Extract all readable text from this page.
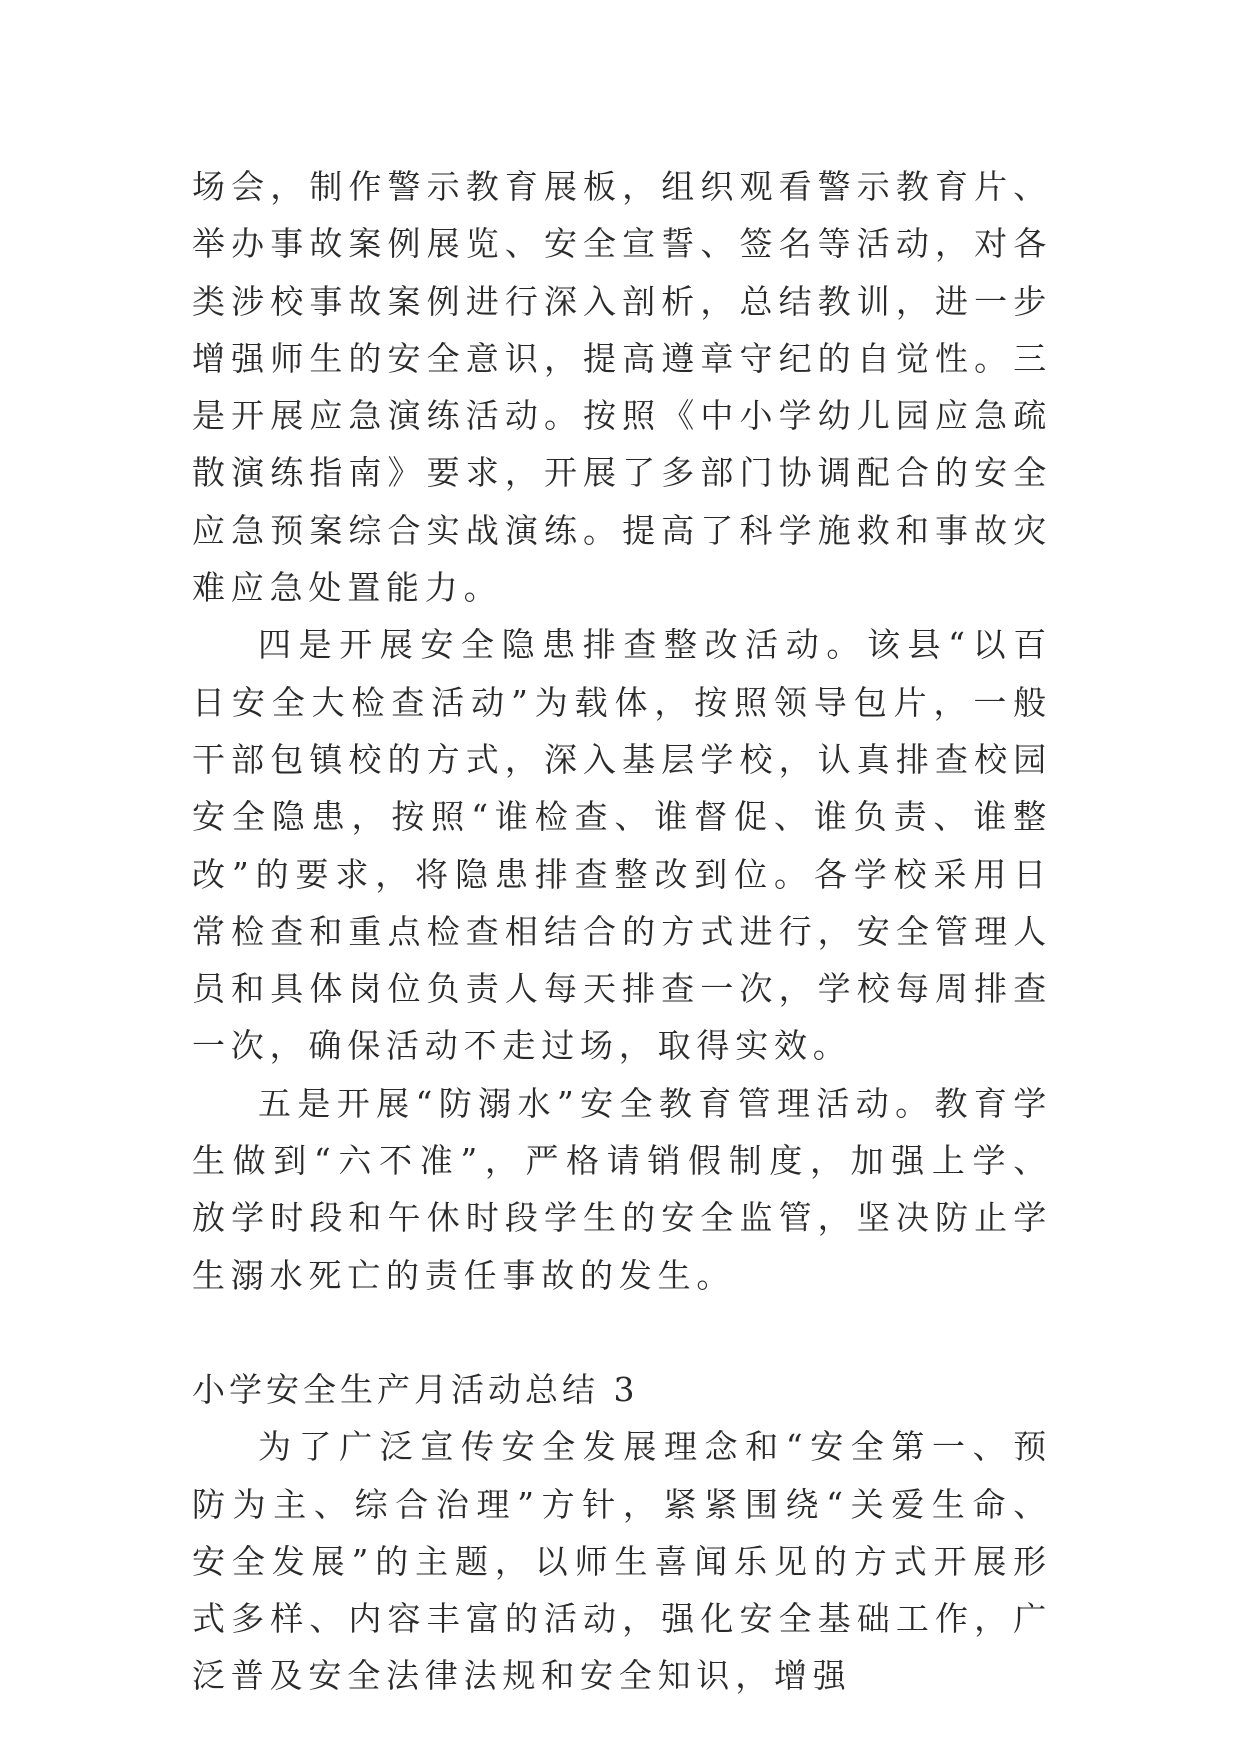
场会，制作警示教育展板，组织观看警示教育片、举办事故案例展览、安全宣誓、签名等活动，对各类涉校事故案例进行深入剖析，总结教训，进一步增强师生的安全意识，提高遵章守纪的自觉性。三是开展应急演练活动。按照《中小学幼儿园应急疏散演练指南》要求，开展了多部门协调配合的安全应急预案综合实战演练。提高了科学施救和事故灾难应急处置能力。

四是开展安全隐患排查整改活动。该县“以百日安全大检查活动”为载体，按照领导包片，一般干部包镇校的方式，深入基层学校，认真排查校园安全隐患，按照“谁检查、谁督促、谁负责、谁整改”的要求，将隐患排查整改到位。各学校采用日常检查和重点检查相结合的方式进行，安全管理人员和具体岗位负责人每天排查一次，学校每周排查一次，确保活动不走过场，取得实效。

五是开展“防溺水”安全教育管理活动。教育学生做到“六不准”，严格请销假制度，加强上学、放学时段和午休时段学生的安全监管，坚决防止学生溺水死亡的责任事故的发生。

小学安全生产月活动总结 3

为了广泛宣传安全发展理念和“安全第一、预防为主、综合治理”方针，紧紧围绕“关爱生命、安全发展”的主题，以师生喜闻乐见的方式开展形式多样、内容丰富的活动，强化安全基础工作，广泛普及安全法律法规和安全知识，增强
